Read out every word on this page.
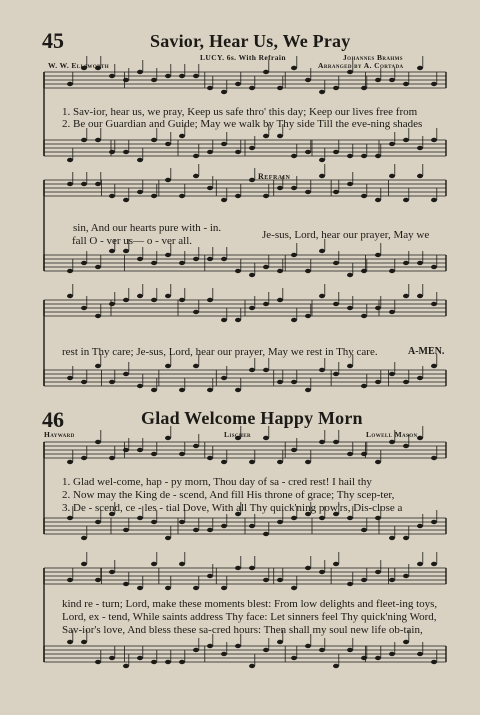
45	Savior, Hear Us, We Pray
LUCY. 6s. With Refrain
W. W. Ellsworth
Johannes Brahms
Arranged by A. Cortada
1. Sav-ior, hear us, we pray, Keep us safe thro' this day; Keep our lives free from
2. Be our Guardian and Guide; May we walk by Thy side Till the eve-ning shades
Refrain
sin, And our hearts pure with - in.
fall O - ver us— o - ver all.	Je-sus, Lord, hear our prayer, May we
rest in Thy care; Je-sus, Lord, hear our prayer, May we rest in Thy care.	A-MEN.
46	Glad Welcome Happy Morn
Hayward	Lischer	Lowell Mason
1. Glad wel-come, hap - py morn, Thou day of sa - cred rest! I hail thy
2. Now may the King de - scend, And fill His throne of grace; Thy scep-ter,
3. De - scend, ce - les - tial Dove, With all Thy quick'ning pow'rs, Dis-close a
kind re - turn; Lord, make these moments blest: From low delights and fleet-ing toys,
Lord, ex - tend, While saints address Thy face: Let sinners feel Thy quick'ning Word,
Sav-ior's love, And bless these sa-cred hours: Then shall my soul new life ob-tain,
